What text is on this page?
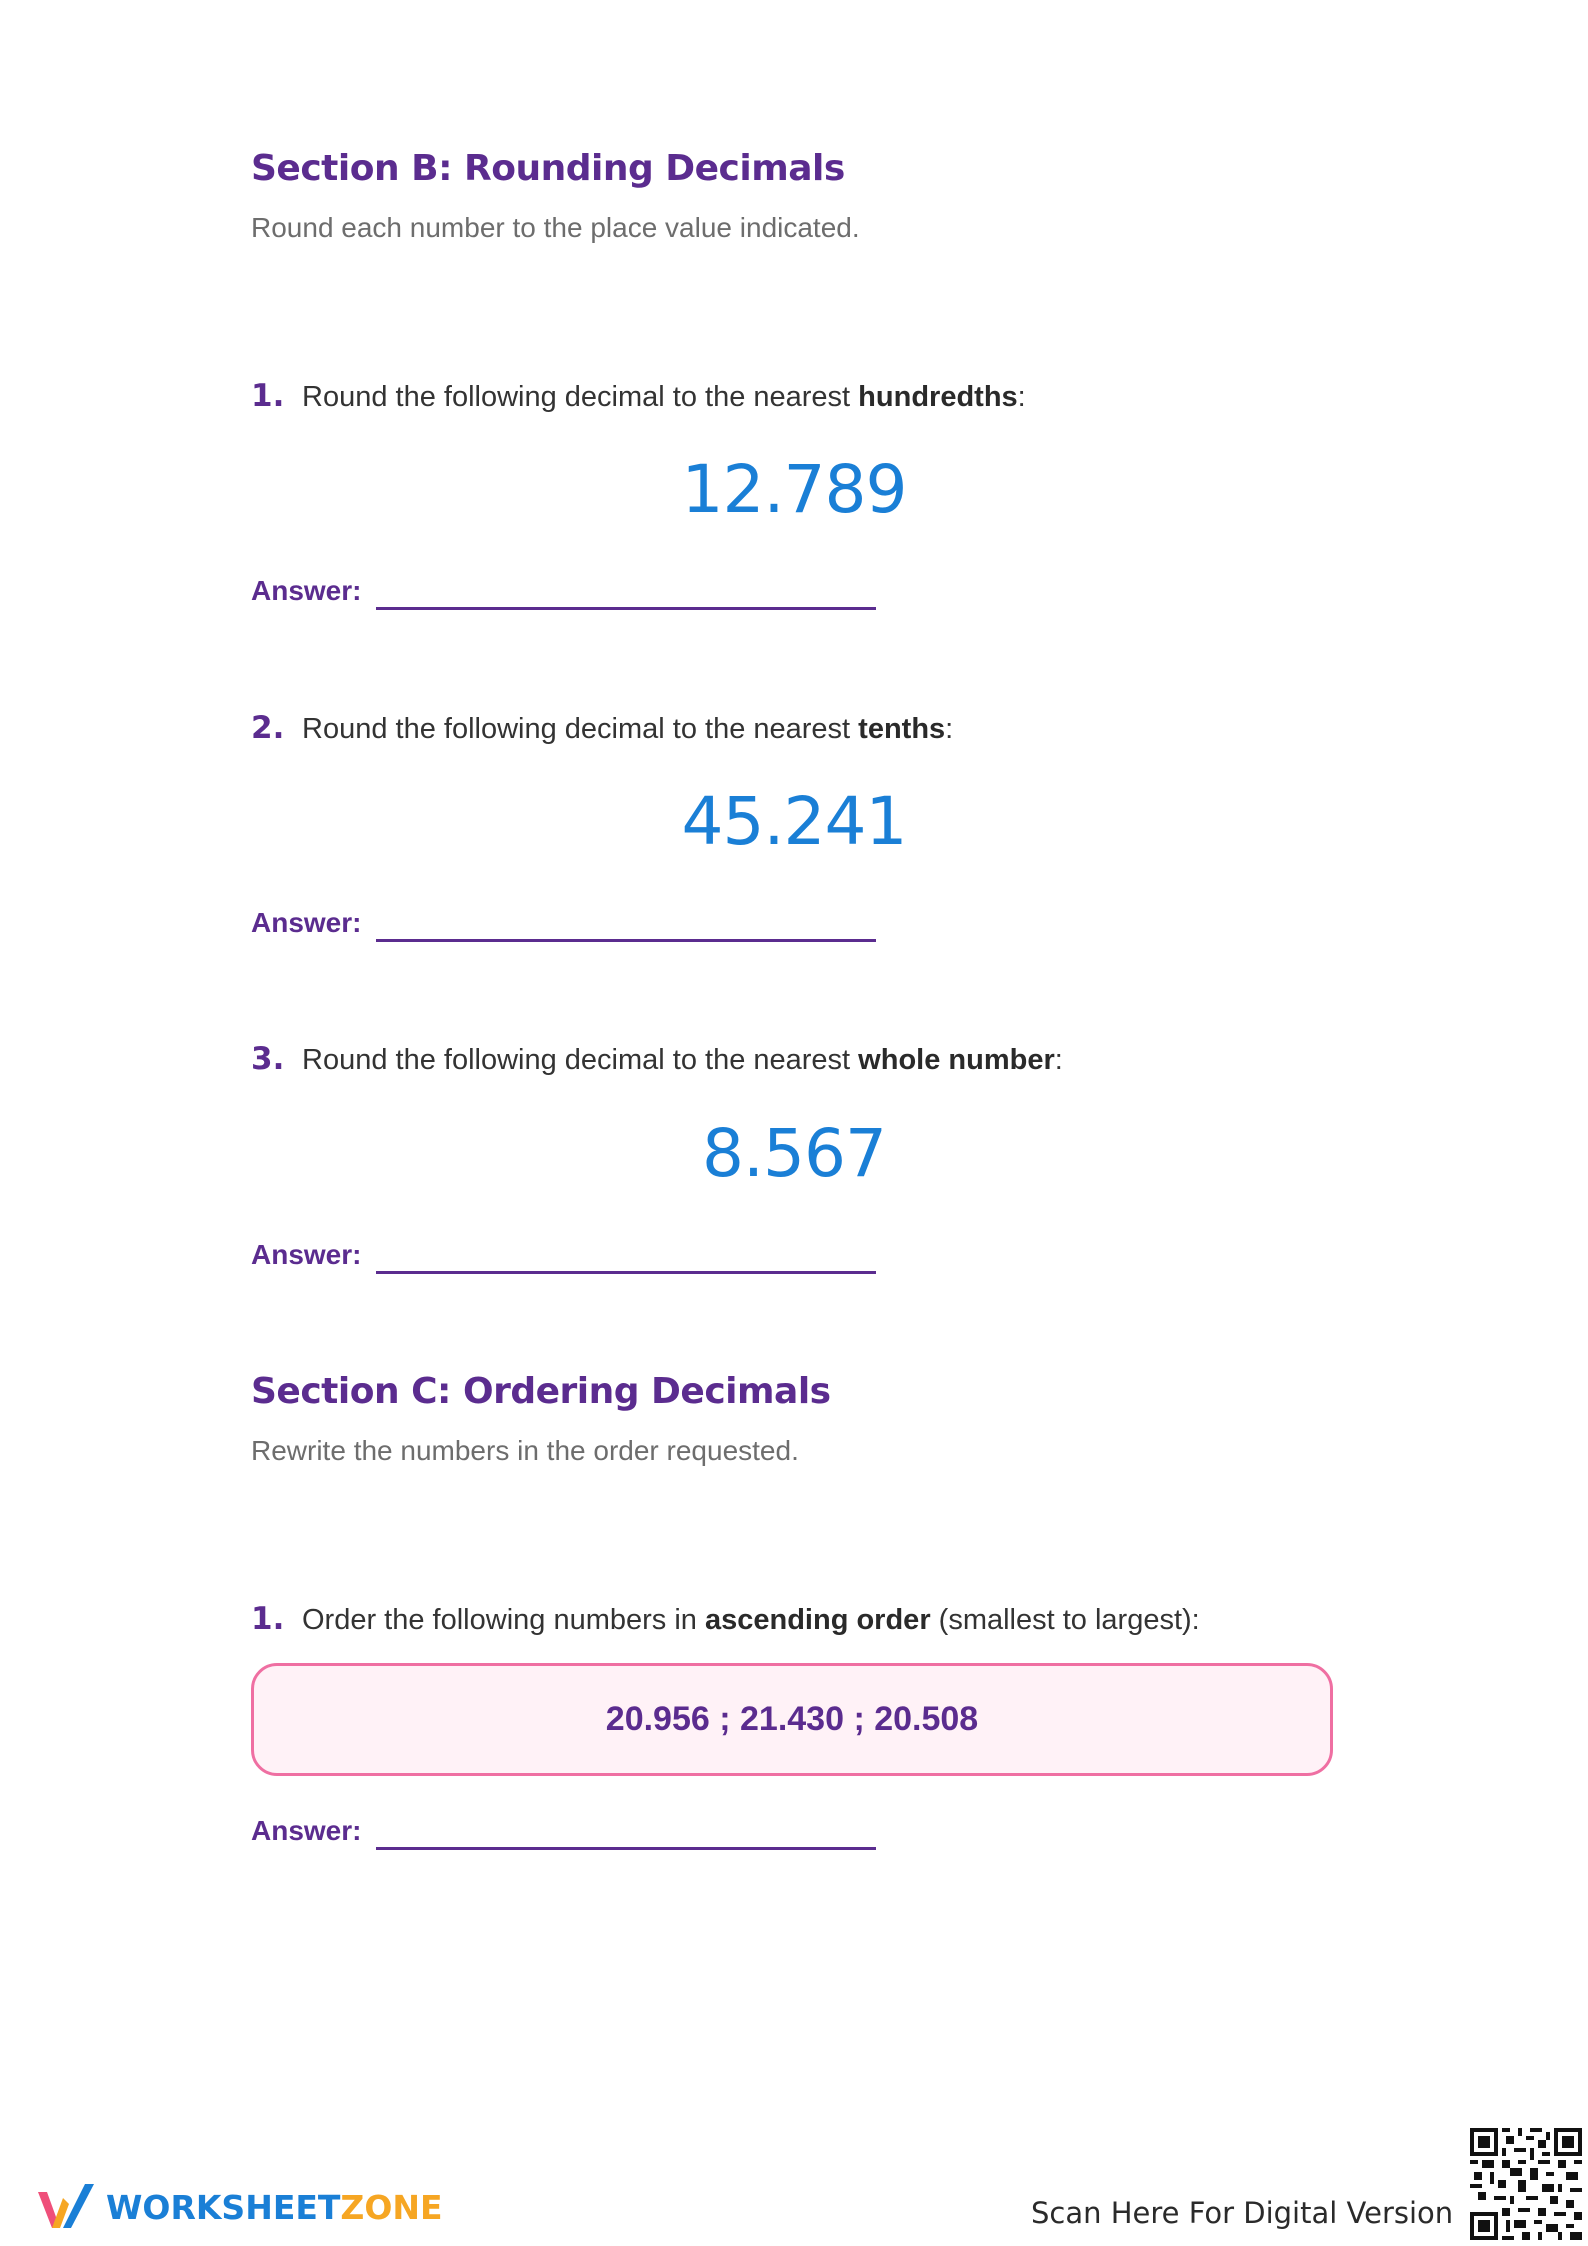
Section B: Rounding Decimals
Round each number to the place value indicated.
1. Round the following decimal to the nearest hundredths:
12.789
Answer:
2. Round the following decimal to the nearest tenths:
45.241
Answer:
3. Round the following decimal to the nearest whole number:
8.567
Answer:
Section C: Ordering Decimals
Rewrite the numbers in the order requested.
1. Order the following numbers in ascending order (smallest to largest):
20.956 ; 21.430 ; 20.508
Answer:
WORKSHEETZONE	Scan Here For Digital Version
